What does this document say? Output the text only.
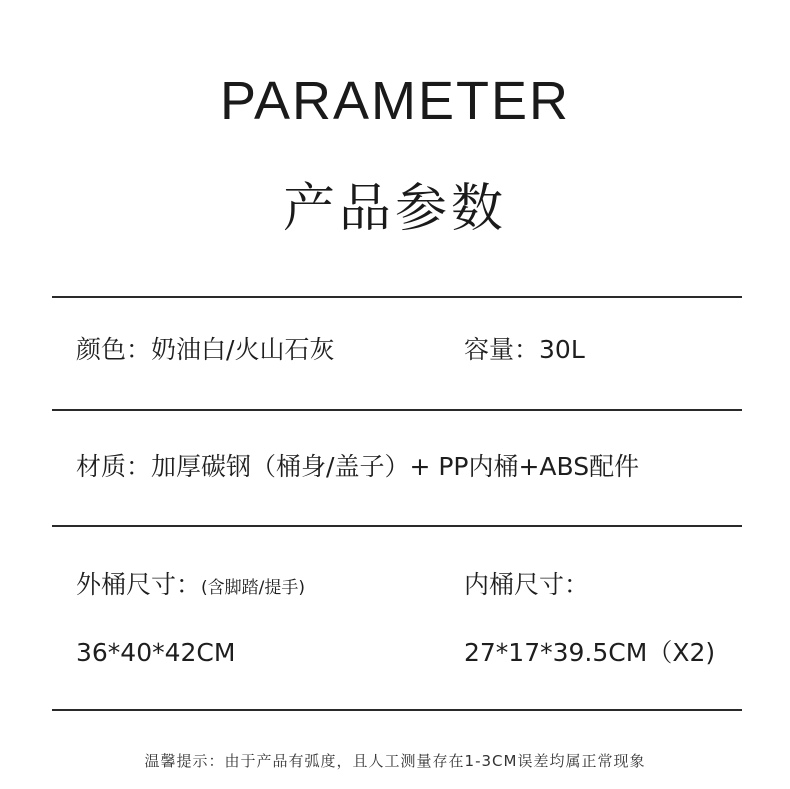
PARAMETER
产品参数
颜色：奶油白/火山石灰	容量：30L
材质：加厚碳钢（桶身/盖子）+ PP内桶+ABS配件
外桶尺寸：(含脚踏/提手)	内桶尺寸：
36*40*42CM	27*17*39.5CM（X2)
温馨提示：由于产品有弧度，且人工测量存在1-3CM误差均属正常现象
